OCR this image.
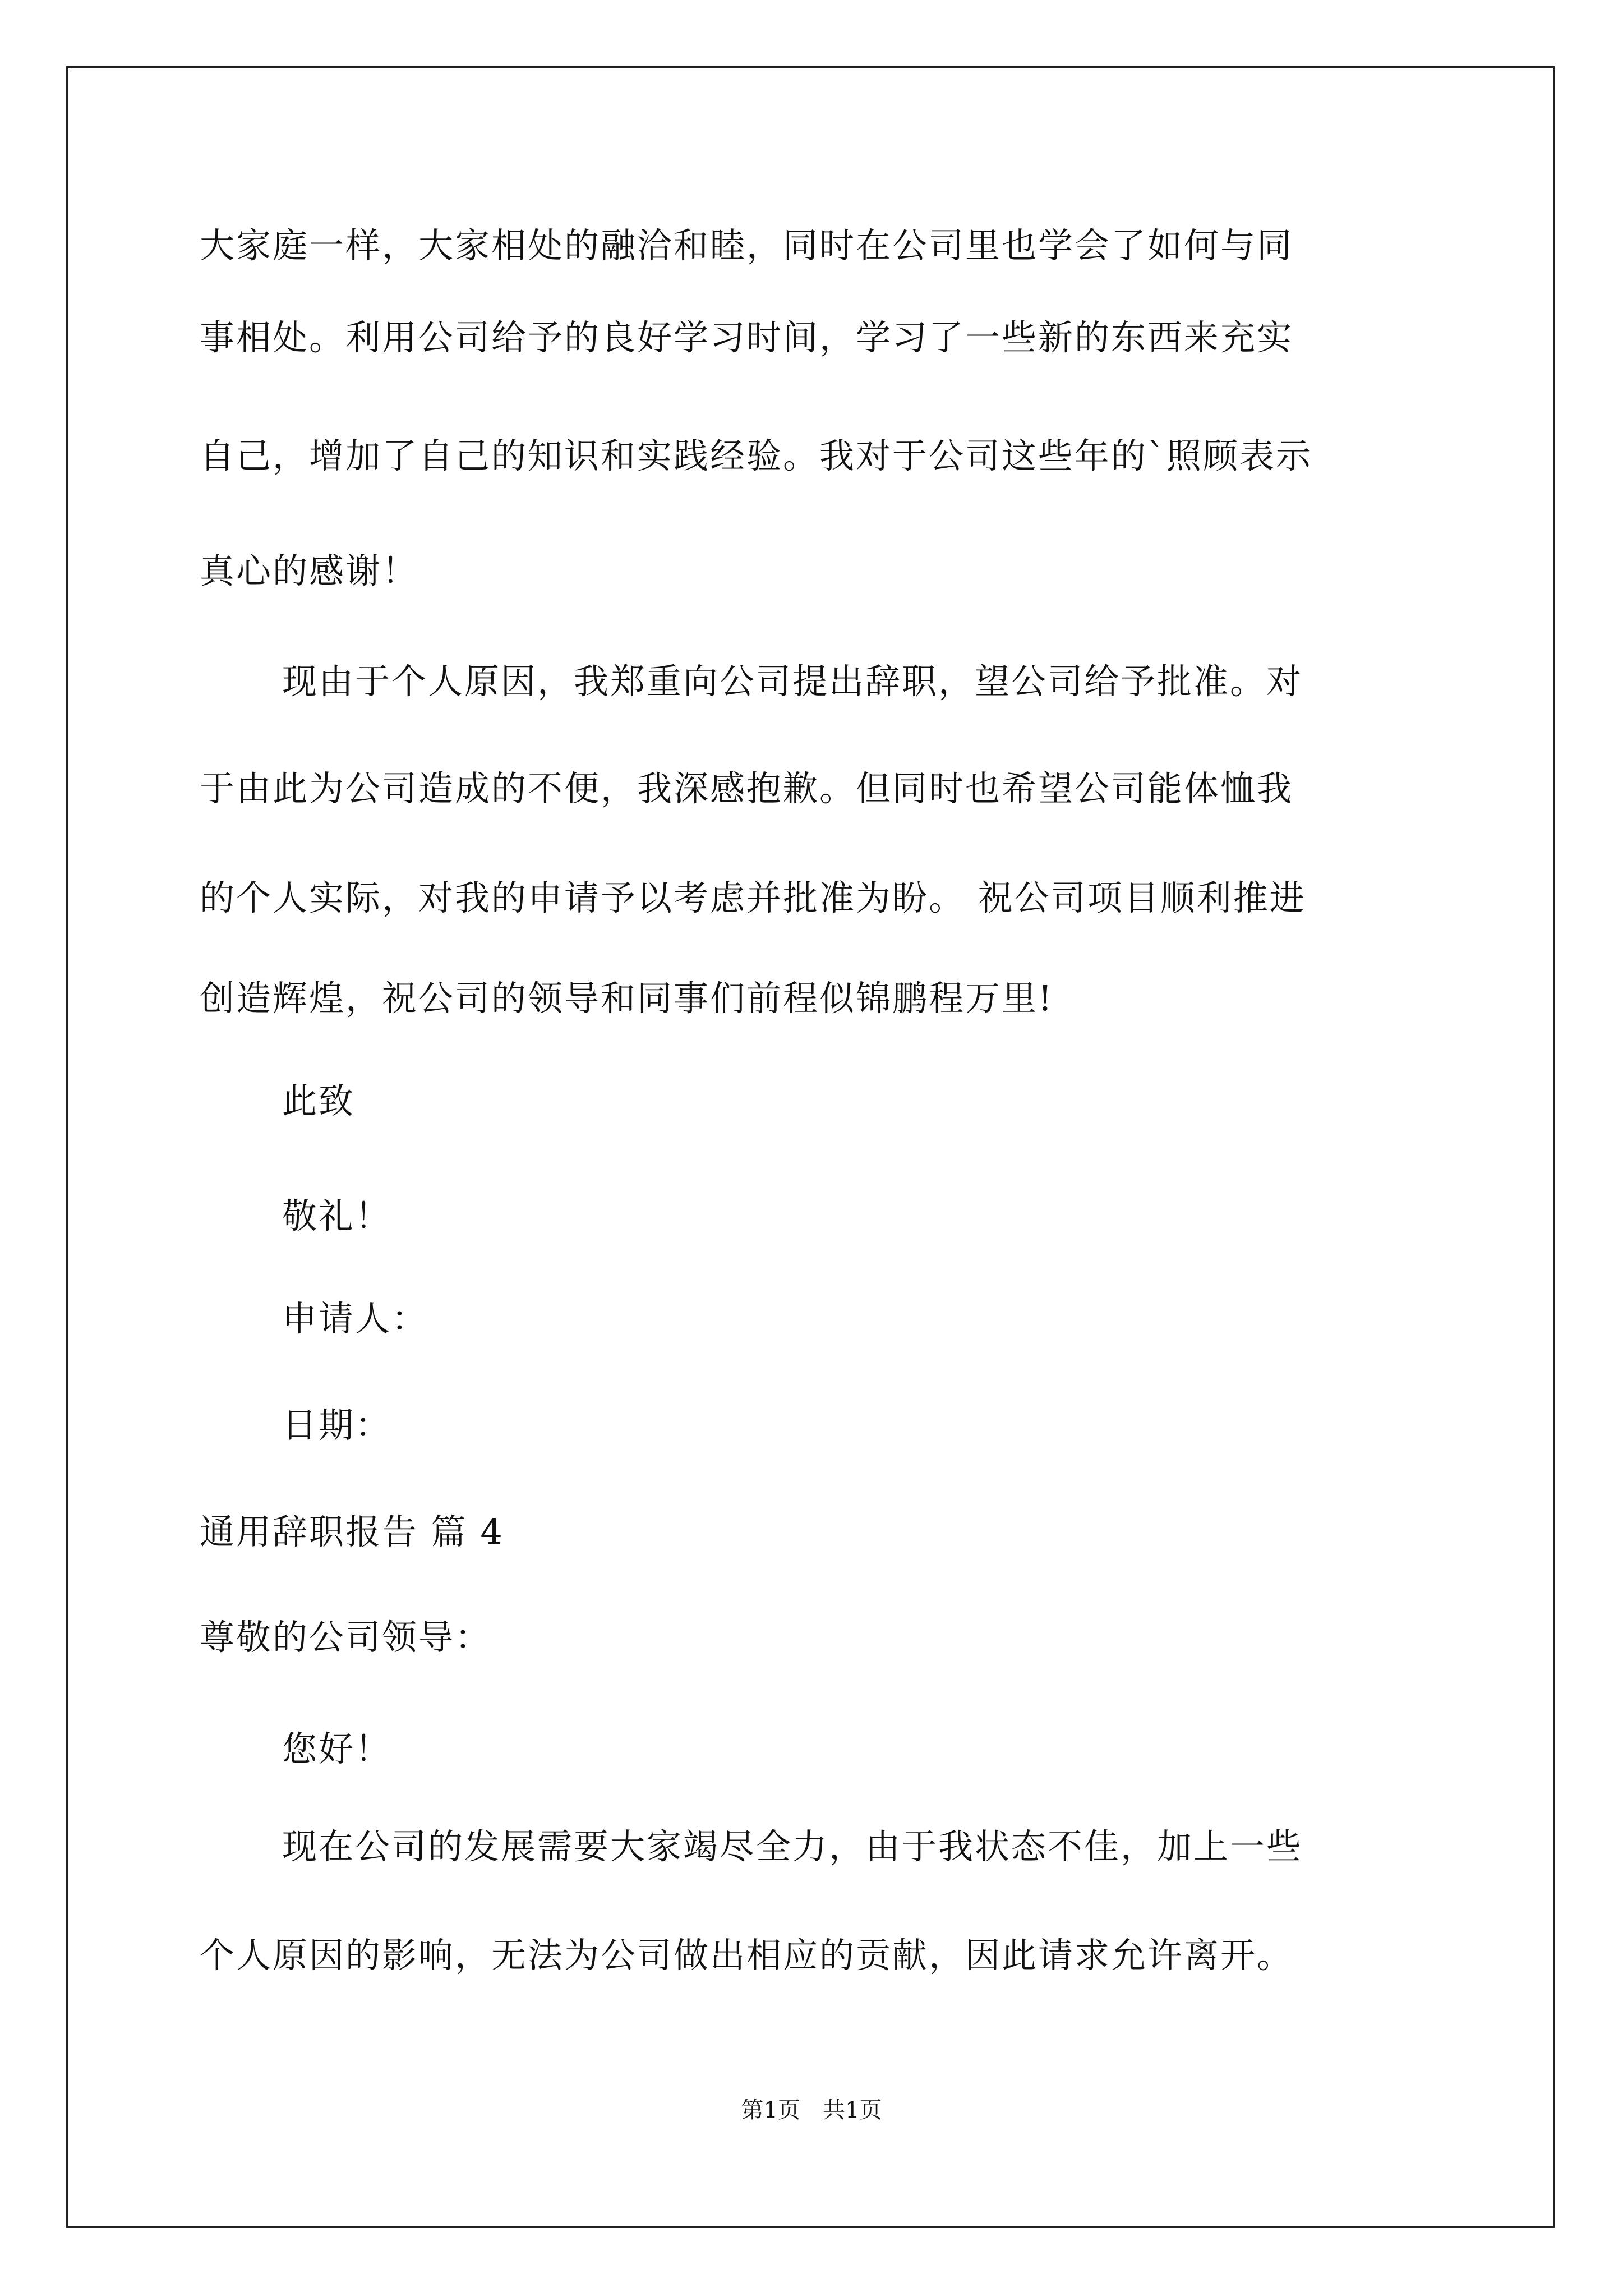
大家庭一样，大家相处的融洽和睦，同时在公司里也学会了如何与同
事相处。利用公司给予的良好学习时间，学习了一些新的东西来充实
自己，增加了自己的知识和实践经验。我对于公司这些年的`照顾表示
真心的感谢！
现由于个人原因，我郑重向公司提出辞职，望公司给予批准。对
于由此为公司造成的不便，我深感抱歉。但同时也希望公司能体恤我
的个人实际，对我的申请予以考虑并批准为盼。 祝公司项目顺利推进
创造辉煌，祝公司的领导和同事们前程似锦鹏程万里!
此致
敬礼！
申请人：
日期：
通用辞职报告 篇 4
尊敬的公司领导：
您好！
现在公司的发展需要大家竭尽全力，由于我状态不佳，加上一些
个人原因的影响，无法为公司做出相应的贡献，因此请求允许离开。
第1页　共1页
